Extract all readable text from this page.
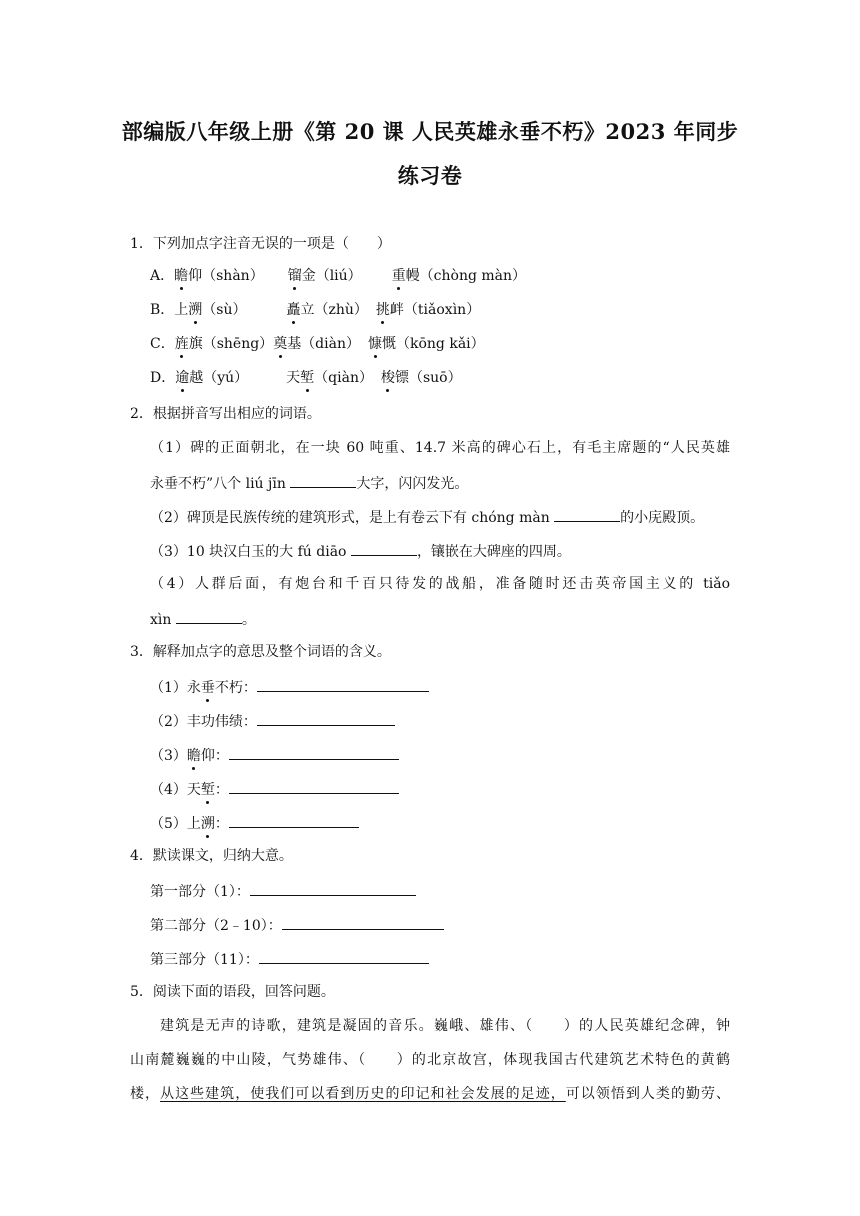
部编版八年级上册《第 20 课 人民英雄永垂不朽》2023 年同步
练习卷
1．下列加点字注音无误的一项是（　　）
A．瞻仰（shàn） 镏金（liú） 重幔（chòng màn）
B．上溯（sù）	矗立（zhù） 挑衅（tiǎoxìn）
C．旌旗（shēng）奠基（diàn） 慷慨（kōng kǎi）
D．逾越（yú）	天堑（qiàn） 梭镖（suō）
2．根据拼音写出相应的词语。
（1）碑的正面朝北，在一块 60 吨重、14.7 米高的碑心石上，有毛主席题的“人民英雄
永垂不朽”八个 liú jīn	大字，闪闪发光。
（2）碑顶是民族传统的建筑形式，是上有卷云下有 chóng màn	的小庑殿顶。
（3）10 块汉白玉的大 fú diāo	，镶嵌在大碑座的四周。
（4）人群后面，有炮台和千百只待发的战船，准备随时还击英帝国主义的 tiǎo
xìn	。
3．解释加点字的意思及整个词语的含义。
（1）永垂不朽：
（2）丰功伟绩：
（3）瞻仰：
（4）天堑：
（5）上溯：
4．默读课文，归纳大意。
第一部分（1）：
第二部分（2﹣10）：
第三部分（11）：
5．阅读下面的语段，回答问题。
建筑是无声的诗歌，建筑是凝固的音乐。巍峨、雄伟、（　　）的人民英雄纪念碑，钟
山南麓巍巍的中山陵，气势雄伟、（　　）的北京故宫，体现我国古代建筑艺术特色的黄鹤
楼，从这些建筑，使我们可以看到历史的印记和社会发展的足迹，可以领悟到人类的勤劳、
